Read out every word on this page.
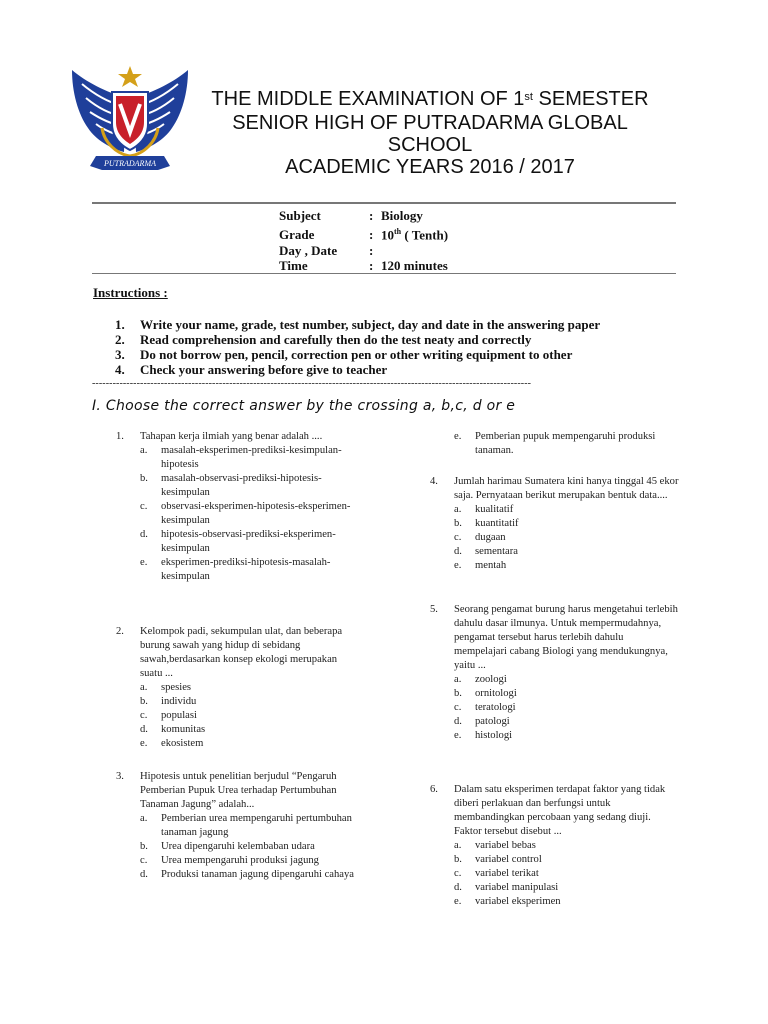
PUTRADARMA
THE MIDDLE EXAMINATION OF 1st SEMESTER
SENIOR HIGH OF PUTRADARMA GLOBAL
SCHOOL
ACADEMIC YEARS 2016 / 2017
Subject	: Biology
Grade	: 10th ( Tenth)
Day , Date :
Time	: 120 minutes
Instructions :
1. Write your name, grade, test number, subject, day and date in the answering paper
2. Read comprehension and carefully then do the test neaty and correctly
3. Do not borrow pen, pencil, correction pen or other writing equipment to other
4. Check your answering before give to teacher
--------------------------------------------------------------------------------------------------------------------------------
I. Choose the correct answer by the crossing a, b,c, d or e
1. Tahapan kerja ilmiah yang benar adalah ....
a. masalah-eksperimen-prediksi-kesimpulan-hipotesis
b. masalah-observasi-prediksi-hipotesis-kesimpulan
c. observasi-eksperimen-hipotesis-eksperimen-kesimpulan
d. hipotesis-observasi-prediksi-eksperimen-kesimpulan
e. eksperimen-prediksi-hipotesis-masalah-kesimpulan
2. Kelompok padi, sekumpulan ulat, dan beberapa burung sawah yang hidup di sebidang sawah,berdasarkan konsep ekologi merupakan suatu ...
a. spesies
b. individu
c. populasi
d. komunitas
e. ekosistem
3. Hipotesis untuk penelitian berjudul “Pengaruh Pemberian Pupuk Urea terhadap Pertumbuhan Tanaman Jagung” adalah...
a. Pemberian urea mempengaruhi pertumbuhan tanaman jagung
b. Urea dipengaruhi kelembaban udara
c. Urea mempengaruhi produksi jagung
d. Produksi tanaman jagung dipengaruhi cahaya
e. Pemberian pupuk mempengaruhi produksi tanaman.
4. Jumlah harimau Sumatera kini hanya tinggal 45 ekor saja. Pernyataan berikut merupakan bentuk data....
a. kualitatif
b. kuantitatif
c. dugaan
d. sementara
e. mentah
5. Seorang pengamat burung harus mengetahui terlebih dahulu dasar ilmunya. Untuk mempermudahnya, pengamat tersebut harus terlebih dahulu mempelajari cabang Biologi yang mendukungnya, yaitu ...
a. zoologi
b. ornitologi
c. teratologi
d. patologi
e. histologi
6. Dalam satu eksperimen terdapat faktor yang tidak diberi perlakuan dan berfungsi untuk membandingkan percobaan yang sedang diuji. Faktor tersebut disebut ...
a. variabel bebas
b. variabel control
c. variabel terikat
d. variabel manipulasi
e. variabel eksperimen
